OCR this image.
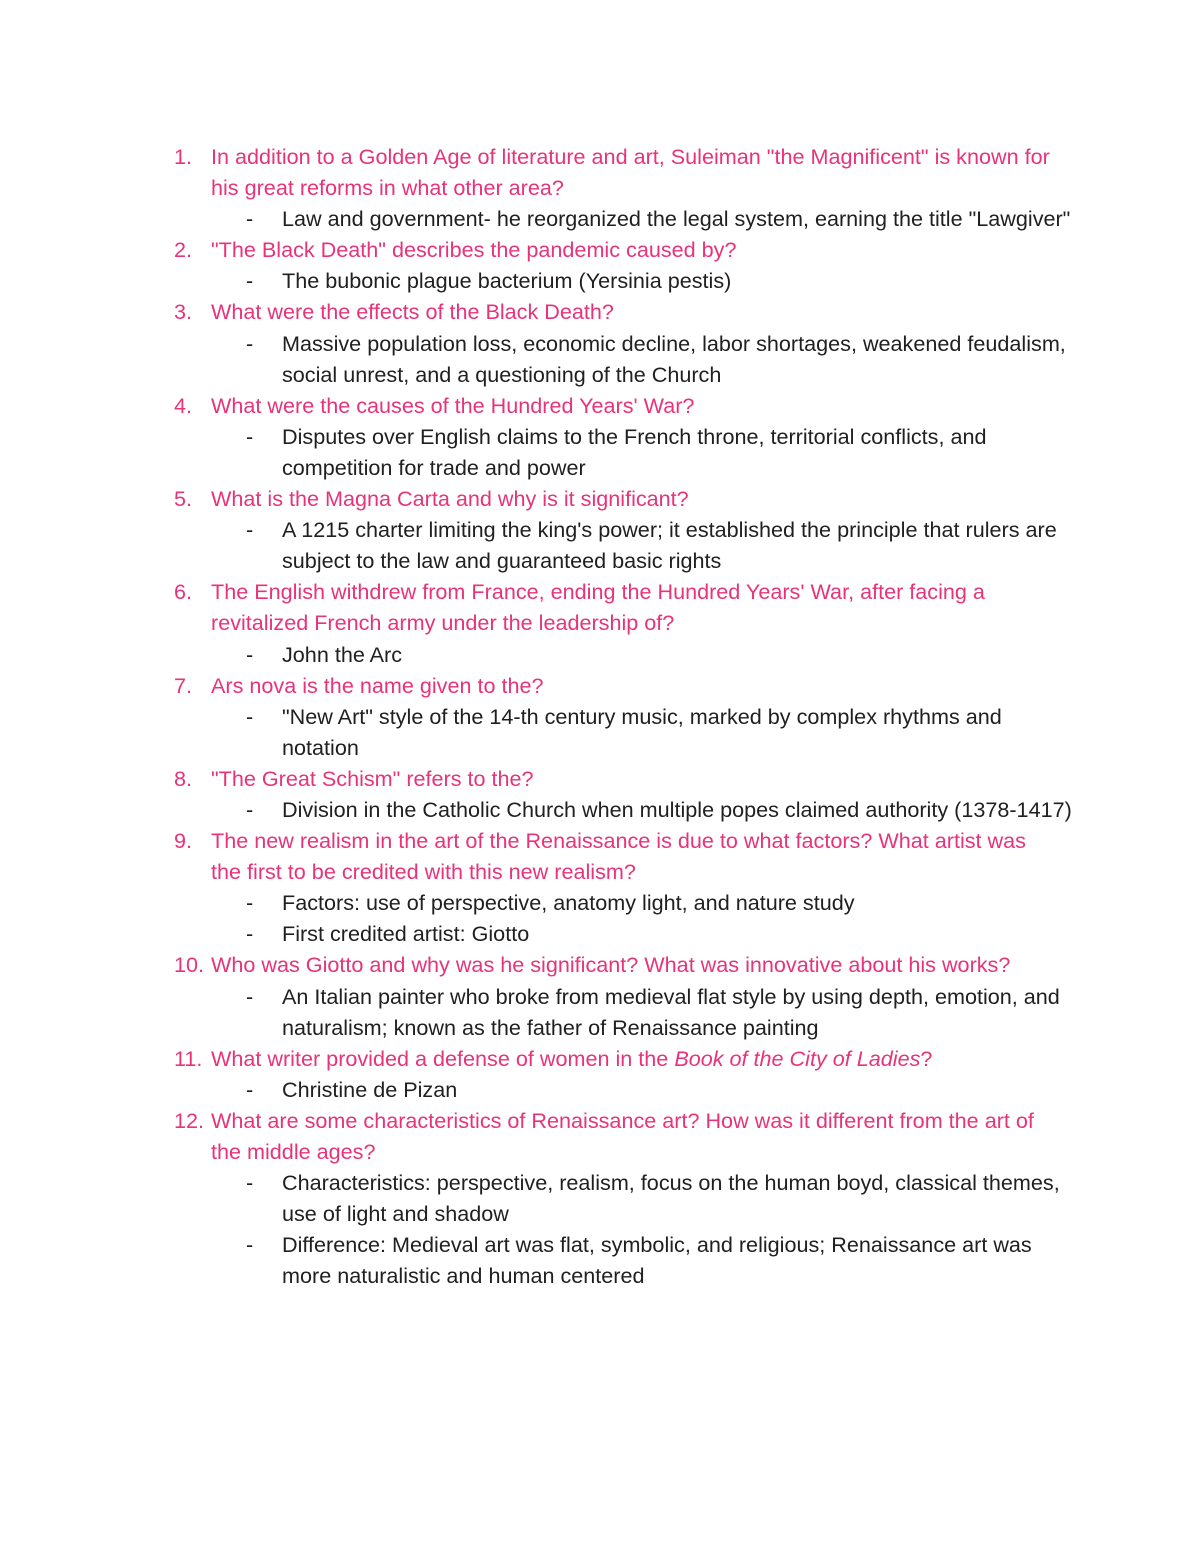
1. In addition to a Golden Age of literature and art, Suleiman "the Magnificent" is known for his great reforms in what other area?
- Law and government- he reorganized the legal system, earning the title "Lawgiver"
2. "The Black Death" describes the pandemic caused by?
- The bubonic plague bacterium (Yersinia pestis)
3. What were the effects of the Black Death?
- Massive population loss, economic decline, labor shortages, weakened feudalism, social unrest, and a questioning of the Church
4. What were the causes of the Hundred Years' War?
- Disputes over English claims to the French throne, territorial conflicts, and competition for trade and power
5. What is the Magna Carta and why is it significant?
- A 1215 charter limiting the king's power; it established the principle that rulers are subject to the law and guaranteed basic rights
6. The English withdrew from France, ending the Hundred Years' War, after facing a revitalized French army under the leadership of?
- John the Arc
7. Ars nova is the name given to the?
- "New Art" style of the 14-th century music, marked by complex rhythms and notation
8. "The Great Schism" refers to the?
- Division in the Catholic Church when multiple popes claimed authority (1378-1417)
9. The new realism in the art of the Renaissance is due to what factors? What artist was the first to be credited with this new realism?
- Factors: use of perspective, anatomy light, and nature study
- First credited artist: Giotto
10. Who was Giotto and why was he significant? What was innovative about his works?
- An Italian painter who broke from medieval flat style by using depth, emotion, and naturalism; known as the father of Renaissance painting
11. What writer provided a defense of women in the Book of the City of Ladies?
- Christine de Pizan
12. What are some characteristics of Renaissance art? How was it different from the art of the middle ages?
- Characteristics: perspective, realism, focus on the human boyd, classical themes, use of light and shadow
- Difference: Medieval art was flat, symbolic, and religious; Renaissance art was more naturalistic and human centered
